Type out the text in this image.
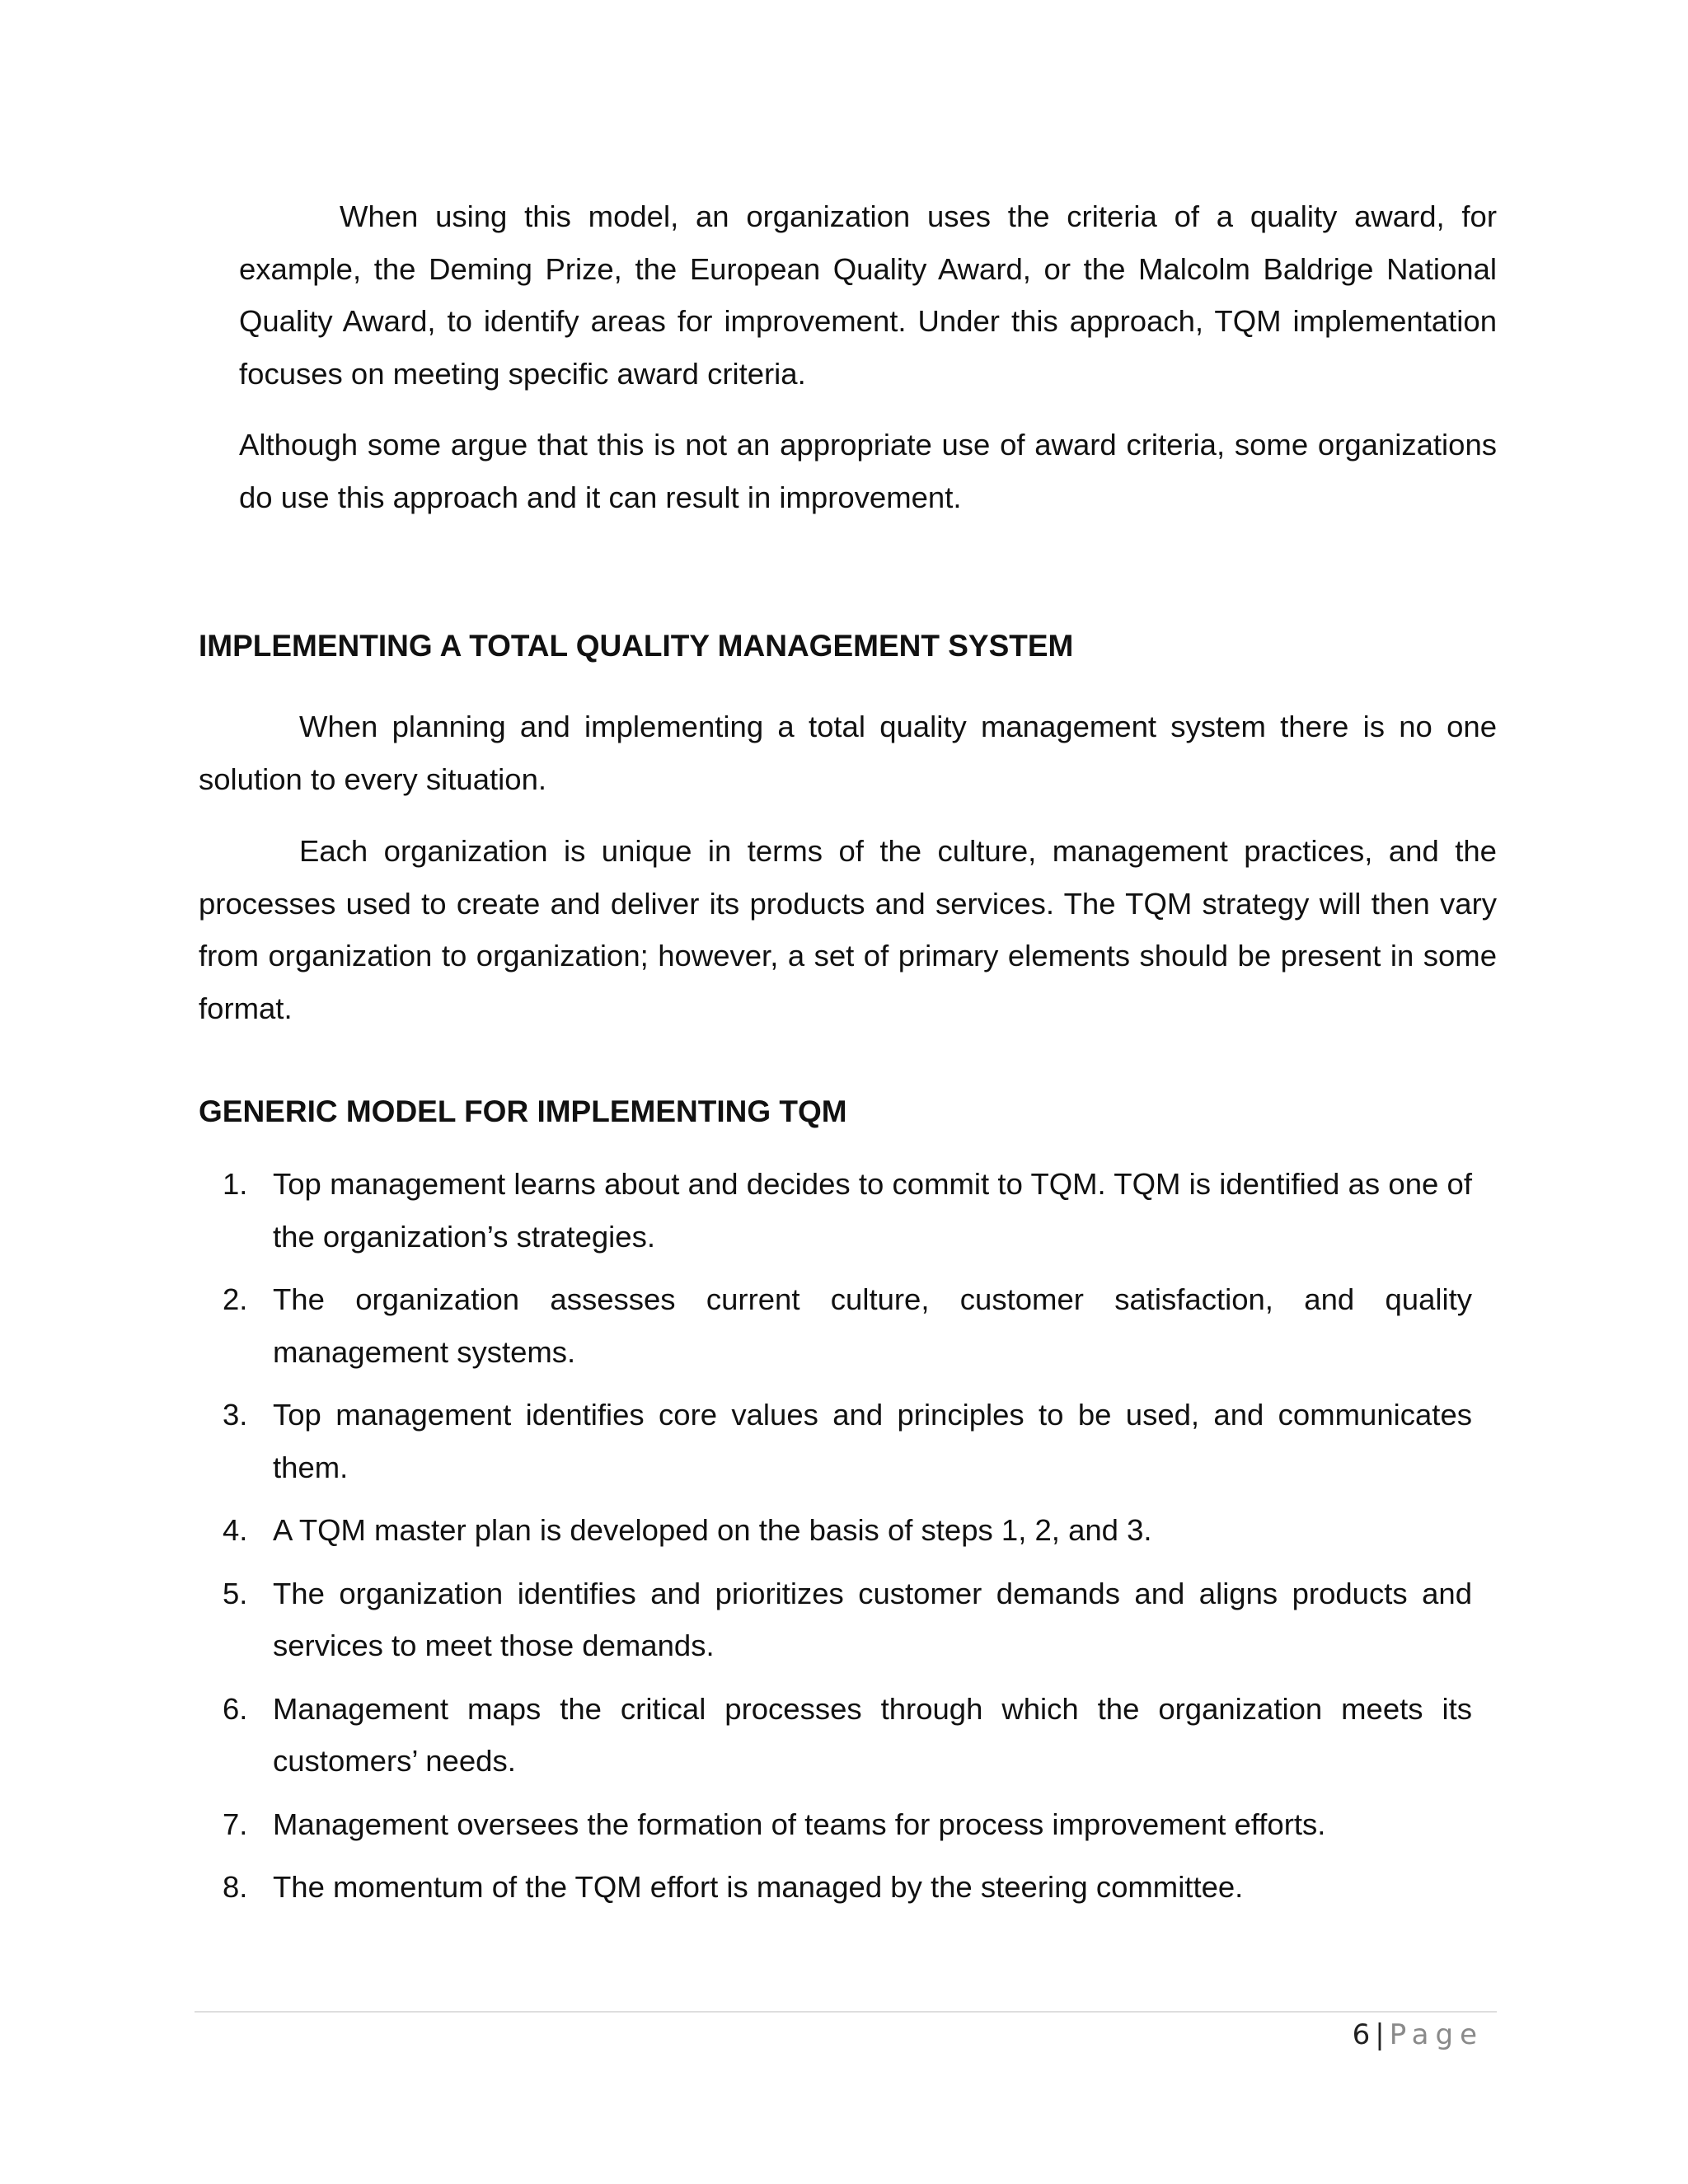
When using this model, an organization uses the criteria of a quality award, for example, the Deming Prize, the European Quality Award, or the Malcolm Baldrige National Quality Award, to identify areas for improvement. Under this approach, TQM implementation focuses on meeting specific award criteria.

Although some argue that this is not an appropriate use of award criteria, some organizations do use this approach and it can result in improvement.

IMPLEMENTING A TOTAL QUALITY MANAGEMENT SYSTEM

When planning and implementing a total quality management system there is no one solution to every situation.

Each organization is unique in terms of the culture, management practices, and the processes used to create and deliver its products and services. The TQM strategy will then vary from organization to organization; however, a set of primary elements should be present in some format.

GENERIC MODEL FOR IMPLEMENTING TQM
1. Top management learns about and decides to commit to TQM. TQM is identified as one of the organization’s strategies.
2. The organization assesses current culture, customer satisfaction, and quality management systems.
3. Top management identifies core values and principles to be used, and communicates them.
4. A TQM master plan is developed on the basis of steps 1, 2, and 3.
5. The organization identifies and prioritizes customer demands and aligns products and services to meet those demands.
6. Management maps the critical processes through which the organization meets its customers’ needs.
7. Management oversees the formation of teams for process improvement efforts.
8. The momentum of the TQM effort is managed by the steering committee.
6 | Page
